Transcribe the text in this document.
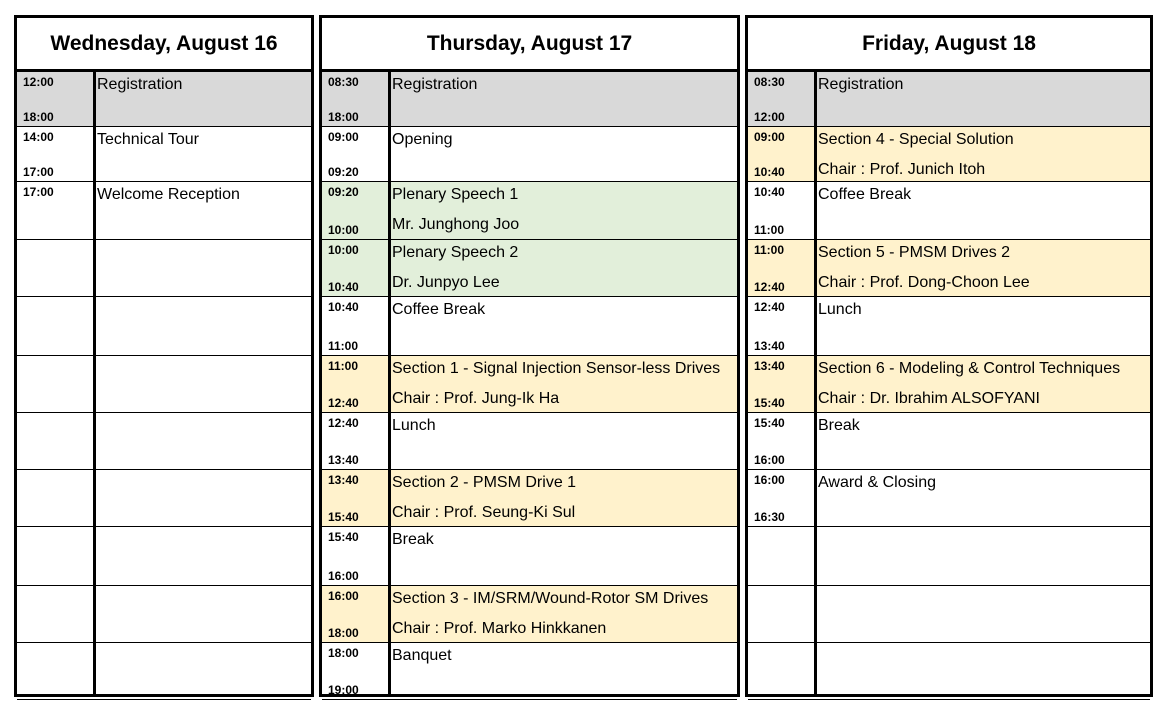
Wednesday, August 16
12:00
18:00
Registration
14:00
17:00
Technical Tour
17:00	Welcome Reception
Thursday, August 17
08:30
18:00
Registration
09:00
09:20
Opening
09:20
10:00
Plenary Speech 1
Mr. Junghong Joo
10:00
10:40
Plenary Speech 2
Dr. Junpyo Lee
10:40
11:00
Coffee Break
11:00
12:40
Section 1 - Signal Injection Sensor-less Drives
Chair : Prof. Jung-Ik Ha
12:40
13:40
Lunch
13:40
15:40
Section 2 - PMSM Drive 1
Chair : Prof. Seung-Ki Sul
15:40
16:00
Break
16:00
18:00
Section 3 - IM/SRM/Wound-Rotor SM Drives
Chair : Prof. Marko Hinkkanen
18:00
19:00
Banquet
Friday, August 18
08:30
12:00
Registration
09:00
10:40
Section 4 - Special Solution
Chair : Prof. Junich Itoh
10:40
11:00
Coffee Break
11:00
12:40
Section 5 - PMSM Drives 2
Chair : Prof. Dong-Choon Lee
12:40
13:40
Lunch
13:40
15:40
Section 6 - Modeling & Control Techniques
Chair : Dr. Ibrahim ALSOFYANI
15:40
16:00
Break
16:00
16:30
Award & Closing
